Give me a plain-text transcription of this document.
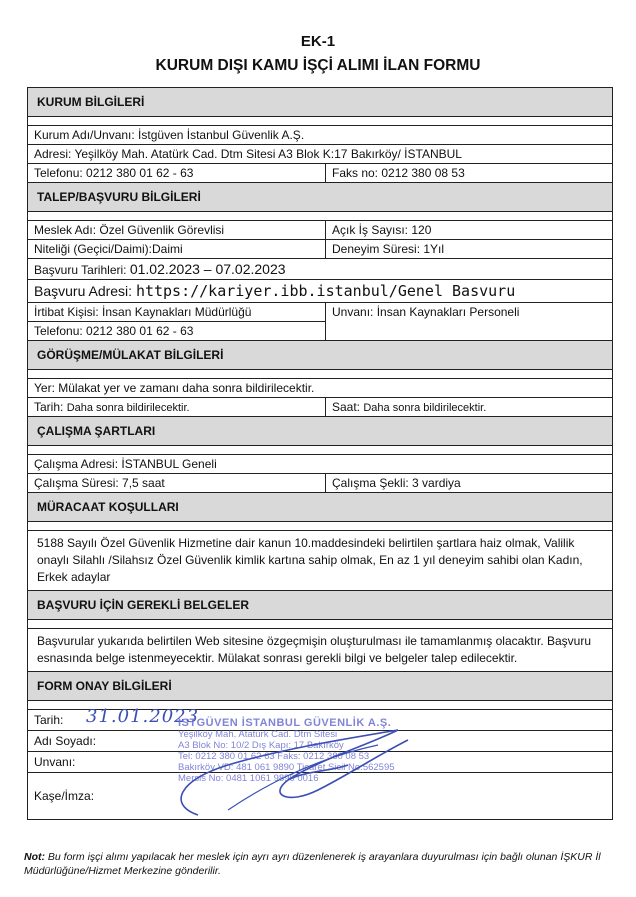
EK-1
KURUM DIŞI KAMU İŞÇİ ALIMI İLAN FORMU
KURUM BİLGİLERİ
Kurum Adı/Unvanı: İstgüven İstanbul Güvenlik A.Ş.
Adresi: Yeşilköy Mah. Atatürk Cad. Dtm Sitesi A3 Blok K:17 Bakırköy/ İSTANBUL
Telefonu: 0212 380 01 62 - 63	Faks no: 0212 380 08 53
TALEP/BAŞVURU BİLGİLERİ
Meslek Adı: Özel Güvenlik Görevlisi	Açık İş Sayısı: 120
Niteliği (Geçici/Daimi):Daimi	Deneyim Süresi: 1Yıl
Başvuru Tarihleri: 01.02.2023 – 07.02.2023
Başvuru Adresi: https://kariyer.ibb.istanbul/Genel Basvuru
İrtibat Kişisi: İnsan Kaynakları Müdürlüğü
Telefonu: 0212 380 01 62 - 63
Unvanı: İnsan Kaynakları Personeli
GÖRÜŞME/MÜLAKAT BİLGİLERİ
Yer: Mülakat yer ve zamanı daha sonra bildirilecektir.
Tarih: Daha sonra bildirilecektir.	Saat: Daha sonra bildirilecektir.
ÇALIŞMA ŞARTLARI
Çalışma Adresi: İSTANBUL Geneli
Çalışma Süresi: 7,5 saat	Çalışma Şekli: 3 vardiya
MÜRACAAT KOŞULLARI
5188 Sayılı Özel Güvenlik Hizmetine dair kanun 10.maddesindeki belirtilen şartlara haiz olmak, Valilik onaylı Silahlı /Silahsız Özel Güvenlik kimlik kartına sahip olmak, En az 1 yıl deneyim sahibi olan Kadın, Erkek adaylar
BAŞVURU İÇİN GEREKLİ BELGELER
Başvurular yukarıda belirtilen Web sitesine özgeçmişin oluşturulması ile tamamlanmış olacaktır. Başvuru esnasında belge istenmeyecektir. Mülakat sonrası gerekli bilgi ve belgeler talep edilecektir.
FORM ONAY BİLGİLERİ
Tarih: 31.01.2023
Adı Soyadı:
Unvanı:
Kaşe/İmza:
İSTGÜVEN İSTANBUL GÜVENLİK A.Ş.
Yeşilköy Mah. Atatürk Cad. Dtm Sitesi
A3 Blok No: 10/2 Dış Kapı: 17 Bakırköy
Tel: 0212 380 01 62 63 Faks: 0212 380 08 53
Bakırköy VD: 481 061 9890 Ticaret Sicil No:562595
Mersis No: 0481 1061 9890 0016
Not: Bu form işçi alımı yapılacak her meslek için ayrı ayrı düzenlenerek iş arayanlara duyurulması için bağlı olunan İŞKUR İl Müdürlüğüne/Hizmet Merkezine gönderilir.
